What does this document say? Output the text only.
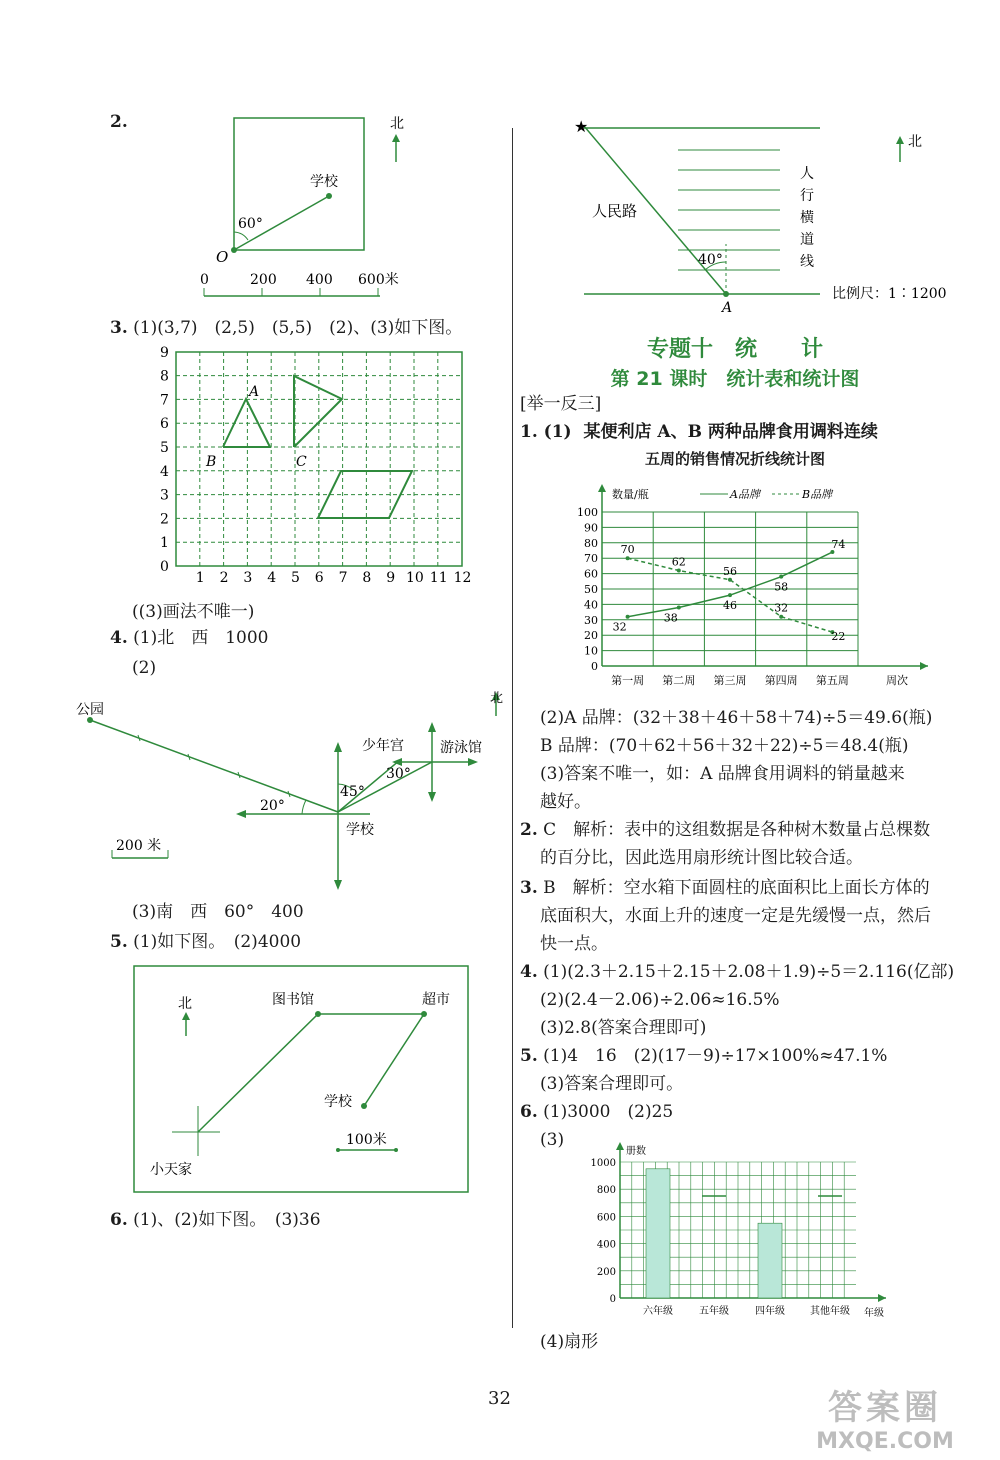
2.	北
学校
60°
O
0	200 400 600米
3. (1)(3,7)　(2,5)　(5,5)　(2)、(3)如下图。
0
1
2
3
4
5
6
7
8
9
1 2 3 4 5 6 7 8 9 10 11 12
A
B	C
((3)画法不唯一)
4. (1)北　西　1000
(2)
公园
少年宫	游泳馆
北
20°
45°
30°
学校
200 米
(3)南　西　60°　400
5. (1)如下图。　(2)4000
北	图书馆	超市
学校
小天家
100米
6. (1)、(2)如下图。　(3)36
★
人民路
40°
A
人
行
横
道
线
北
比例尺：1∶1200
专题十　统　　计
第 21 课时　统计表和统计图
[举一反三]
1. (1) 某便利店 A、B 两种品牌食用调料连续
五周的销售情况折线统计图
0
10
20
30
40
50
60
70
80
90
100
数量/瓶
周次
第一周 第二周 第三周 第四周 第五周
A品牌	B品牌
32
38
46
58
74
70
62
56
32
22
(2)A 品牌：(32＋38＋46＋58＋74)÷5＝49.6(瓶)
B 品牌：(70＋62＋56＋32＋22)÷5＝48.4(瓶)
(3)答案不唯一，如：A 品牌食用调料的销量越来
越好。
2. C　解析：表中的这组数据是各种树木数量占总棵数
的百分比，因此选用扇形统计图比较合适。
3. B　解析：空水箱下面圆柱的底面积比上面长方体的
底面积大，水面上升的速度一定是先缓慢一点，然后
快一点。
4. (1)(2.3＋2.15＋2.15＋2.08＋1.9)÷5＝2.116(亿部)
(2)(2.4－2.06)÷2.06≈16.5%
(3)2.8(答案合理即可)
5. (1)4　16　(2)(17－9)÷17×100%≈47.1%
(3)答案合理即可。
6. (1)3000　(2)25
(3)
0
200
400
600
800
1000
册数
年级
六年级	五年级	四年级	其他年级
(4)扇形
32	答案圈
MXQE.COM
